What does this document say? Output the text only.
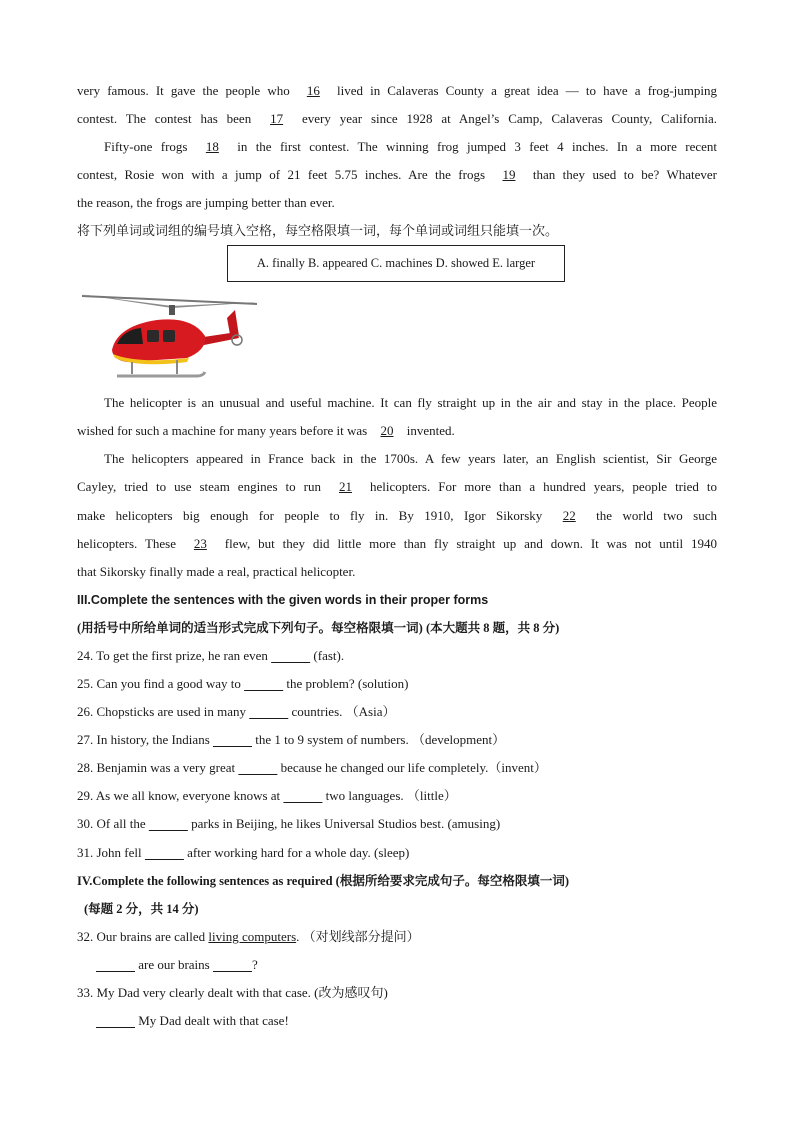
very famous. It gave the people who 16 lived in Calaveras County a great idea — to have a frog-jumping
contest. The contest has been 17 every year since 1928 at Angel’s Camp, Calaveras County, California.
Fifty-one frogs 18 in the first contest. The winning frog jumped 3 feet 4 inches. In a more recent
contest, Rosie won with a jump of 21 feet 5.75 inches. Are the frogs 19 than they used to be? Whatever
the reason, the frogs are jumping better than ever.
将下列单词或词组的编号填入空格，每空格限填一词，每个单词或词组只能填一次。
A. finally B. appeared C. machines D. showed E. larger
The helicopter is an unusual and useful machine. It can fly straight up in the air and stay in the place. People
wished for such a machine for many years before it was 20 invented.
The helicopters appeared in France back in the 1700s. A few years later, an English scientist, Sir George
Cayley, tried to use steam engines to run 21 helicopters. For more than a hundred years, people tried to
make helicopters big enough for people to fly in. By 1910, Igor Sikorsky 22 the world two such
helicopters. These 23 flew, but they did little more than fly straight up and down. It was not until 1940
that Sikorsky finally made a real, practical helicopter.
III.Complete the sentences with the given words in their proper forms
(用括号中所给单词的适当形式完成下列句子。每空格限填一词) (本大题共 8 题，共 8 分)
24. To get the first prize, he ran even	(fast).
25. Can you find a good way to	the problem? (solution)
26. Chopsticks are used in many	countries. （Asia）
27. In history, the Indians	the 1 to 9 system of numbers. （development）
28. Benjamin was a very great	because he changed our life completely.（invent）
29. As we all know, everyone knows at	two languages. （little）
30. Of all the	parks in Beijing, he likes Universal Studios best. (amusing)
31. John fell	after working hard for a whole day. (sleep)
IV.Complete the following sentences as required (根据所给要求完成句子。每空格限填一词)
(每题 2 分，共 14 分)
32. Our brains are called living computers. （对划线部分提问）
are our brains	?
33. My Dad very clearly dealt with that case. (改为感叹句)
My Dad dealt with that case!
